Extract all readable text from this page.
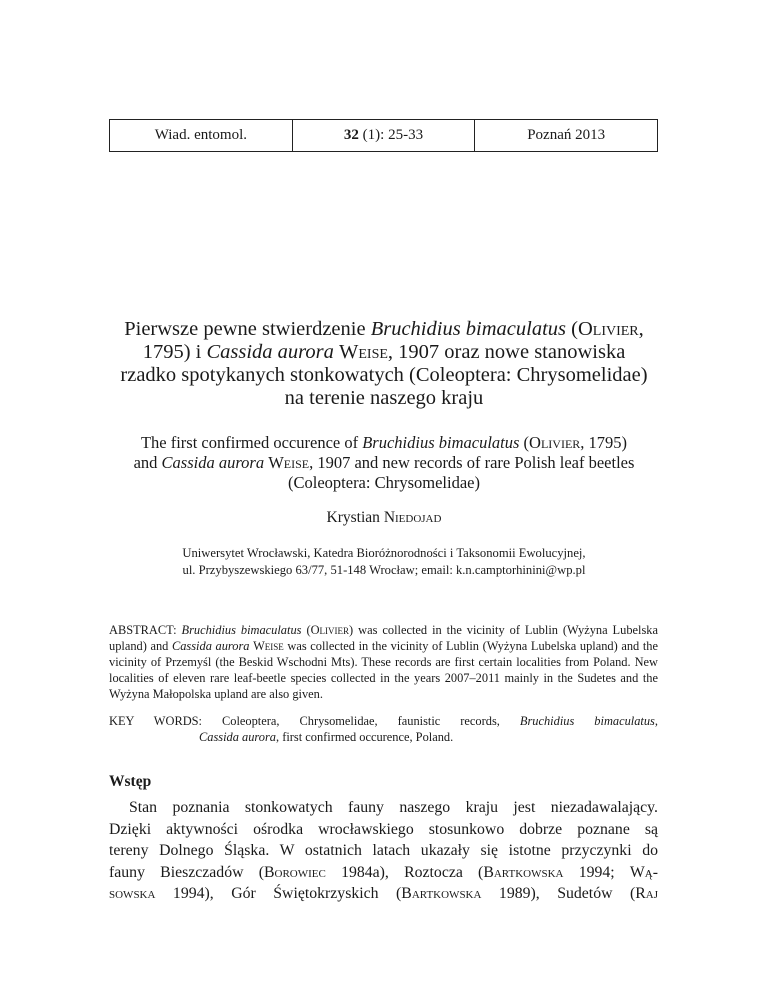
Wiad. entomol.	32
(1): 25-33	Poznań 2013
Pierwsze pewne stwierdzenie Bruchidius bimaculatus (Olivier,
1795) i Cassida aurora Weise, 1907 oraz nowe stanowiska
rzadko spotykanych stonkowatych (Coleoptera: Chrysomelidae)
na terenie naszego kraju
The first confirmed occurence of Bruchidius bimaculatus (Olivier, 1795)
and Cassida aurora Weise, 1907 and new records of rare Polish leaf beetles
(Coleoptera: Chrysomelidae)
Krystian Niedojad
Uniwersytet Wrocławski, Katedra Bioróżnorodności i Taksonomii Ewolucyjnej,
ul. Przybyszewskiego 63/77, 51-148 Wrocław; email: k.n.camptorhinini@wp.pl
ABSTRACT: Bruchidius bimaculatus (Olivier) was collected in the vicinity of Lublin (Wyżyna Lubelska upland) and Cassida aurora Weise was collected in the vicinity of Lublin (Wyżyna Lubelska upland) and the vicinity of Przemyśl (the Beskid Wschodni Mts). These records are first certain localities from Poland. New localities of eleven rare leaf-beetle species collected in the years 2007–2011 mainly in the Sudetes and the Wyżyna Małopolska upland are also given.
KEY WORDS: Coleoptera, Chrysomelidae, faunistic records, Bruchidius bimaculatus,
Cassida aurora, first confirmed occurence, Poland.
Wstęp
Stan poznania stonkowatych fauny naszego kraju jest niezadawalający.
Dzięki aktywności ośrodka wrocławskiego stosunkowo dobrze poznane są
tereny Dolnego Śląska. W ostatnich latach ukazały się istotne przyczynki do
fauny Bieszczadów (Borowiec 1984a), Roztocza (Bartkowska 1994; Wą-
sowska 1994), Gór Świętokrzyskich (Bartkowska 1989), Sudetów (Raj
